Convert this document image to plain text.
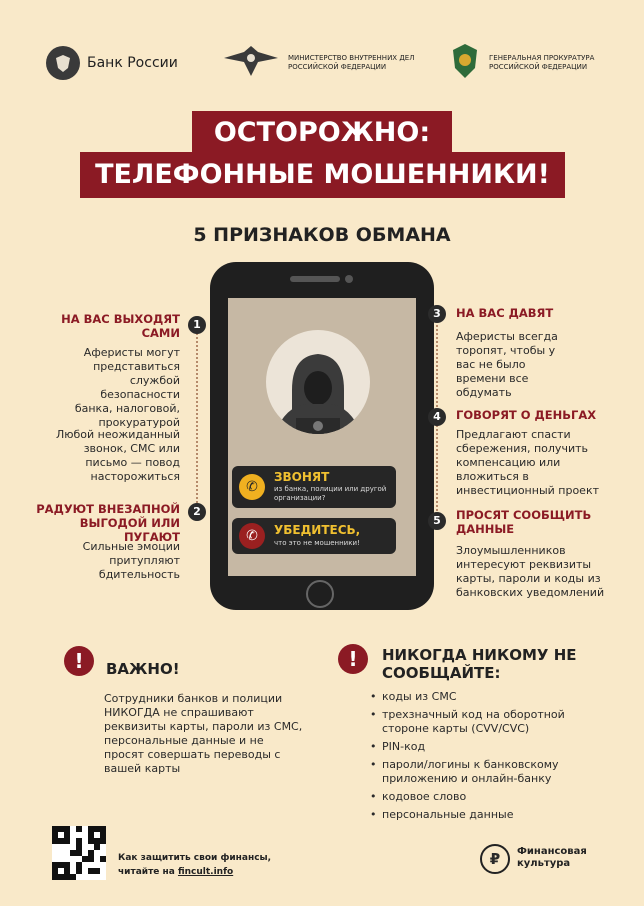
Банк России	МИНИСТЕРСТВО ВНУТРЕННИХ ДЕЛ РОССИЙСКОЙ ФЕДЕРАЦИИ
ГЕНЕРАЛЬНАЯ ПРОКУРАТУРА РОССИЙСКОЙ ФЕДЕРАЦИИ
ОСТОРОЖНО:
ТЕЛЕФОННЫЕ МОШЕННИКИ!
5 ПРИЗНАКОВ ОБМАНА
✆
ЗВОНЯТ
из банка, полиции или другой организации?
✆	УБЕДИТЕСЬ,
что это не мошенники!
1
НА ВАС ВЫХОДЯТ САМИ
Аферисты могут представиться службой безопасности банка, налоговой, прокуратурой
Любой неожиданный звонок, СМС или письмо — повод насторожиться
2
РАДУЮТ ВНЕЗАПНОЙ ВЫГОДОЙ ИЛИ ПУГАЮТ
Сильные эмоции притупляют бдительность
3	НА ВАС ДАВЯТ
Аферисты всегда торопят, чтобы у вас не было времени все обдумать
4	ГОВОРЯТ О ДЕНЬГАХ
Предлагают спасти сбережения, получить компенсацию или вложиться в инвестиционный проект
5	ПРОСЯТ СООБЩИТЬ ДАННЫЕ
Злоумышленников интересуют реквизиты карты, пароли и коды из банковских уведомлений
!	ВАЖНО!
Сотрудники банков и полиции НИКОГДА не спрашивают реквизиты карты, пароли из СМС, персональные данные и не просят совершать переводы с вашей карты
!	НИКОГДА НИКОМУ НЕ СООБЩАЙТЕ:
• коды из СМС
• трехзначный код на оборотной стороне карты (CVV/CVC)
• PIN-код
• пароли/логины к банковскому приложению и онлайн-банку
• кодовое слово
• персональные данные
Как защитить свои финансы,
читайте на fincult.info
₽	Финансовая культура
